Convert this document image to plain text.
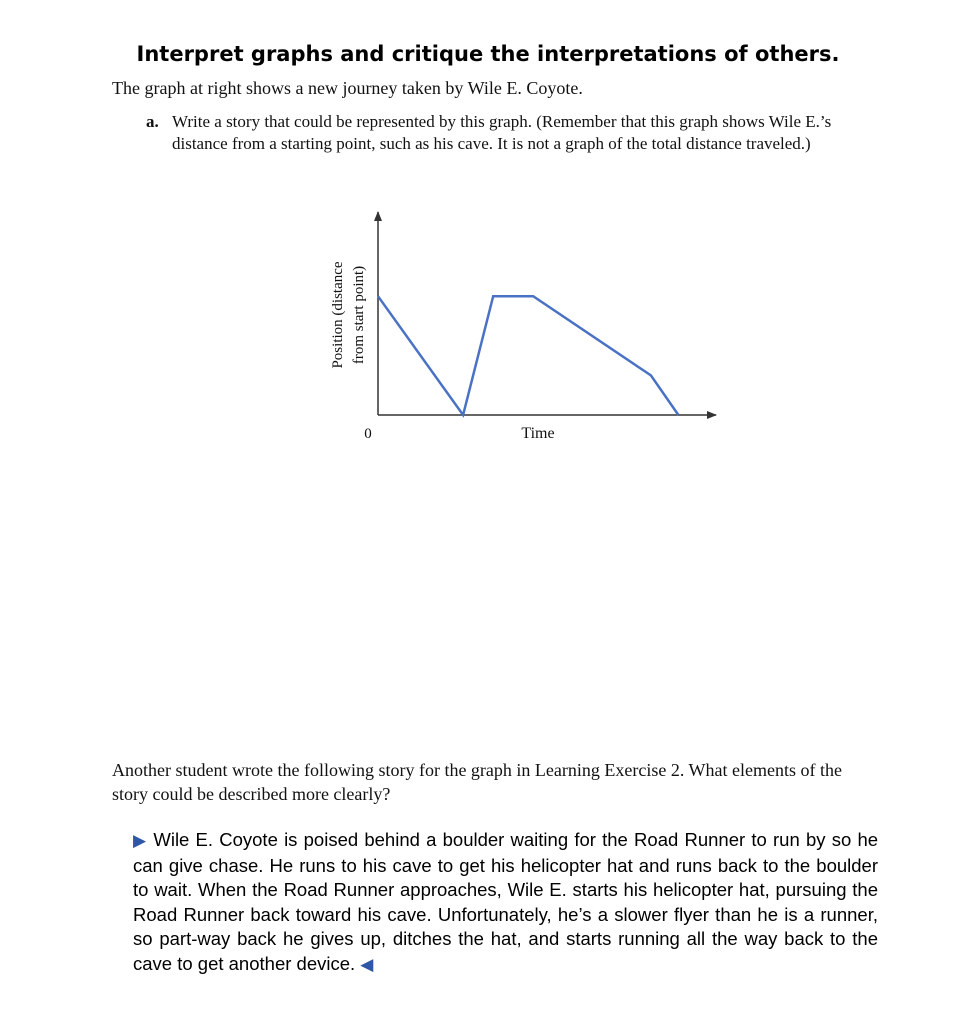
Interpret graphs and critique the interpretations of others.
The graph at right shows a new journey taken by Wile E. Coyote.
a. Write a story that could be represented by this graph. (Remember that this graph shows Wile E.’s distance from a starting point, such as his cave. It is not a graph of the total distance traveled.)
Position (distance from start point)
0	Time
Another student wrote the following story for the graph in Learning Exercise 2. What elements of the story could be described more clearly?
▶ Wile E. Coyote is poised behind a boulder waiting for the Road Runner to run by so he can give chase. He runs to his cave to get his helicopter hat and runs back to the boulder to wait. When the Road Runner approaches, Wile E. starts his helicopter hat, pursuing the Road Runner back toward his cave. Unfortunately, he’s a slower flyer than he is a runner, so part-way back he gives up, ditches the hat, and starts running all the way back to the cave to get another device. ◀
